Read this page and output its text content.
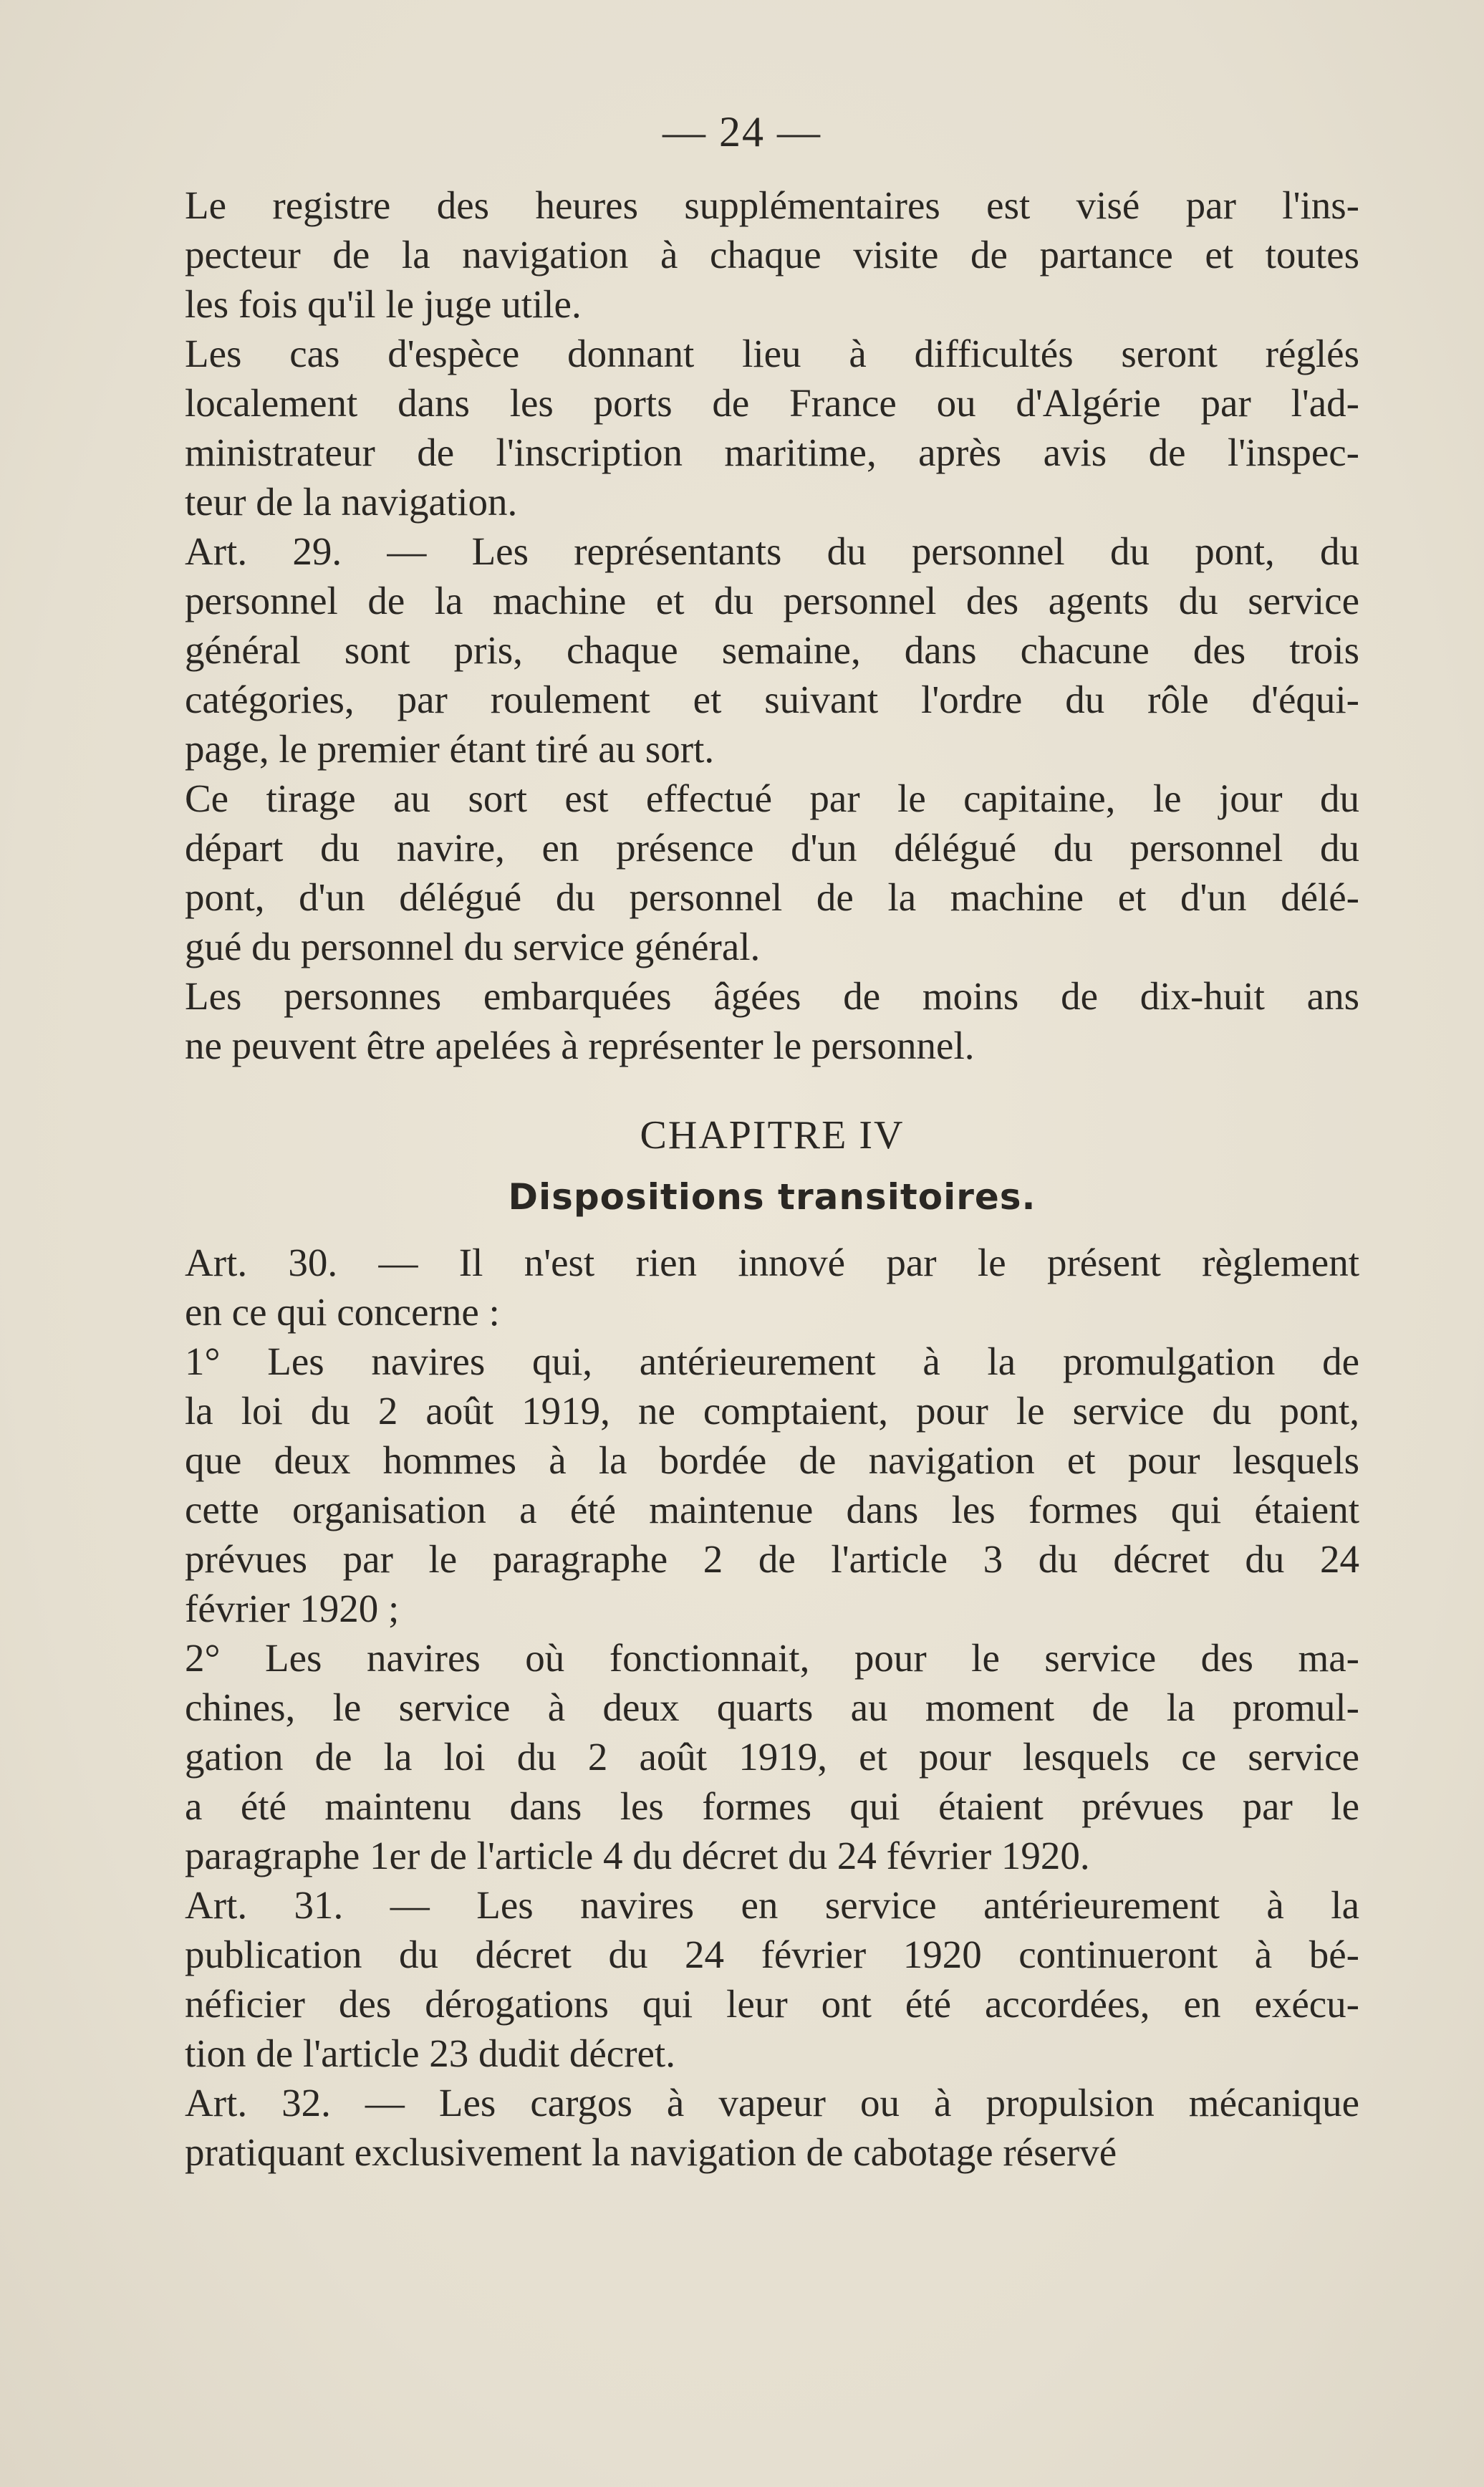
— 24 —
Le registre des heures supplémentaires est visé par l'ins-
pecteur de la navigation à chaque visite de partance et toutes
les fois qu'il le juge utile.
Les cas d'espèce donnant lieu à difficultés seront réglés
localement dans les ports de France ou d'Algérie par l'ad-
ministrateur de l'inscription maritime, après avis de l'inspec-
teur de la navigation.
Art. 29. — Les représentants du personnel du pont, du
personnel de la machine et du personnel des agents du service
général sont pris, chaque semaine, dans chacune des trois
catégories, par roulement et suivant l'ordre du rôle d'équi-
page, le premier étant tiré au sort.
Ce tirage au sort est effectué par le capitaine, le jour du
départ du navire, en présence d'un délégué du personnel du
pont, d'un délégué du personnel de la machine et d'un délé-
gué du personnel du service général.
Les personnes embarquées âgées de moins de dix-huit ans
ne peuvent être apelées à représenter le personnel.
CHAPITRE IV
Dispositions transitoires.
Art. 30. — Il n'est rien innové par le présent règlement
en ce qui concerne :
1° Les navires qui, antérieurement à la promulgation de
la loi du 2 août 1919, ne comptaient, pour le service du pont,
que deux hommes à la bordée de navigation et pour lesquels
cette organisation a été maintenue dans les formes qui étaient
prévues par le paragraphe 2 de l'article 3 du décret du 24
février 1920 ;
2° Les navires où fonctionnait, pour le service des ma-
chines, le service à deux quarts au moment de la promul-
gation de la loi du 2 août 1919, et pour lesquels ce service
a été maintenu dans les formes qui étaient prévues par le
paragraphe 1er de l'article 4 du décret du 24 février 1920.
Art. 31. — Les navires en service antérieurement à la
publication du décret du 24 février 1920 continueront à bé-
néficier des dérogations qui leur ont été accordées, en exécu-
tion de l'article 23 dudit décret.
Art. 32. — Les cargos à vapeur ou à propulsion mécanique
pratiquant exclusivement la navigation de cabotage réservé
